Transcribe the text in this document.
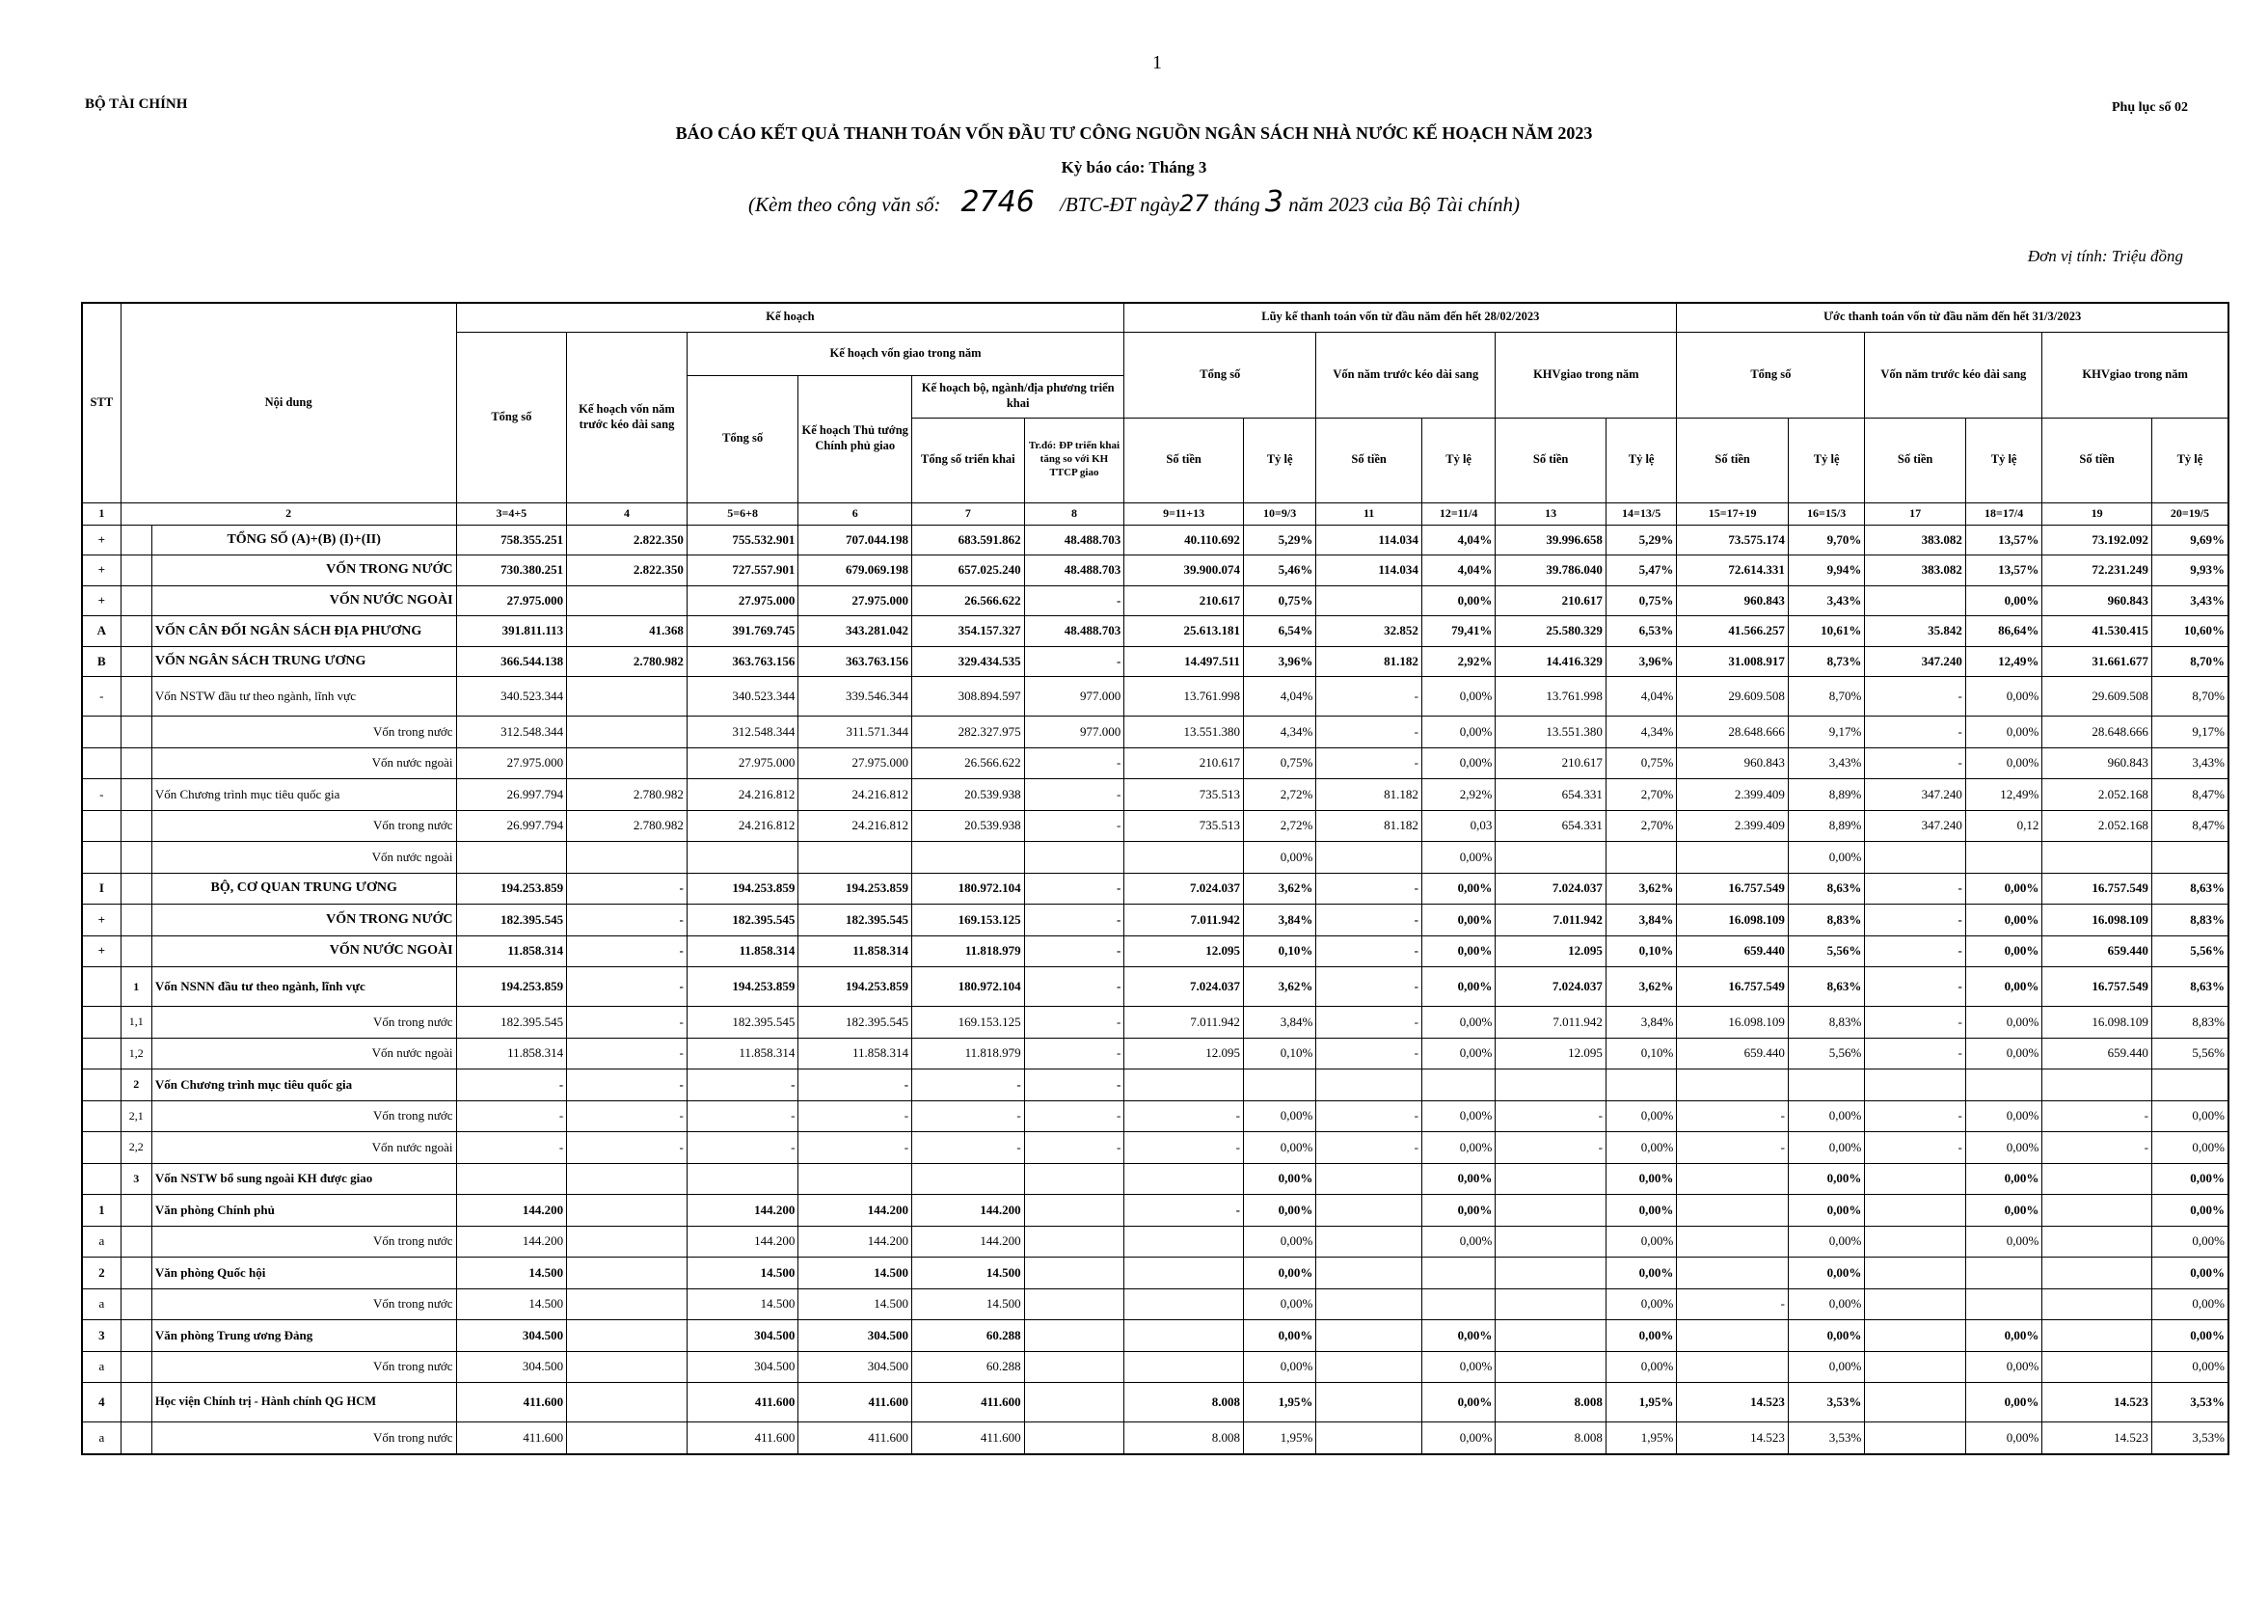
1
BỘ TÀI CHÍNH	Phụ lục số 02
BÁO CÁO KẾT QUẢ THANH TOÁN VỐN ĐẦU TƯ CÔNG NGUỒN NGÂN SÁCH NHÀ NƯỚC KẾ HOẠCH NĂM 2023
Kỳ báo cáo: Tháng 3
(Kèm theo công văn số: 2746 /BTC-ĐT ngày27 tháng 3 năm 2023 của Bộ Tài chính)
Đơn vị tính: Triệu đồng
STT	Nội dung		Kế hoạch						Lũy kế thanh toán vốn từ đầu năm đến hết 28/02/2023						Ước thanh toán vốn từ đầu năm đến hết 31/3/2023					
			Tổng số	Kế hoạch vốn năm trước kéo dài sang	Kế hoạch vốn giao trong năm				Tổng số		Vốn năm trước kéo dài sang		KHVgiao trong năm		Tổng số		Vốn năm trước kéo dài sang		KHVgiao trong năm	
					Tổng số	Kế hoạch Thủ tướng Chính phủ giao	Kế hoạch bộ, ngành/địa phương triển khai													
							Tổng số triển khai	Tr.đó: ĐP triển khai tăng so với KH TTCP giao	Số tiền	Tỷ lệ	Số tiền	Tỷ lệ	Số tiền	Tỷ lệ	Số tiền	Tỷ lệ	Số tiền	Tỷ lệ	Số tiền	Tỷ lệ
1	2		3=4+5	4	5=6+8	6	7	8	9=11+13	10=9/3	11	12=11/4	13	14=13/5	15=17+19	16=15/3	17	18=17/4	19	20=19/5
+		TỔNG SỐ (A)+(B) (I)+(II)	758.355.251	2.822.350	755.532.901	707.044.198	683.591.862	48.488.703	40.110.692	5,29%	114.034	4,04%	39.996.658	5,29%	73.575.174	9,70%	383.082	13,57%	73.192.092	9,69%
+		VỐN TRONG NƯỚC	730.380.251	2.822.350	727.557.901	679.069.198	657.025.240	48.488.703	39.900.074	5,46%	114.034	4,04%	39.786.040	5,47%	72.614.331	9,94%	383.082	13,57%	72.231.249	9,93%
+		VỐN NƯỚC NGOÀI	27.975.000		27.975.000	27.975.000	26.566.622	-	210.617	0,75%		0,00%	210.617	0,75%	960.843	3,43%		0,00%	960.843	3,43%
A		VỐN CÂN ĐỐI NGÂN SÁCH ĐỊA PHƯƠNG	391.811.113	41.368	391.769.745	343.281.042	354.157.327	48.488.703	25.613.181	6,54%	32.852	79,41%	25.580.329	6,53%	41.566.257	10,61%	35.842	86,64%	41.530.415	10,60%
B		VỐN NGÂN SÁCH TRUNG ƯƠNG	366.544.138	2.780.982	363.763.156	363.763.156	329.434.535	-	14.497.511	3,96%	81.182	2,92%	14.416.329	3,96%	31.008.917	8,73%	347.240	12,49%	31.661.677	8,70%
-		Vốn NSTW đầu tư theo ngành, lĩnh vực	340.523.344		340.523.344	339.546.344	308.894.597	977.000	13.761.998	4,04%	-	0,00%	13.761.998	4,04%	29.609.508	8,70%	-	0,00%	29.609.508	8,70%
		Vốn trong nước	312.548.344		312.548.344	311.571.344	282.327.975	977.000	13.551.380	4,34%	-	0,00%	13.551.380	4,34%	28.648.666	9,17%	-	0,00%	28.648.666	9,17%
		Vốn nước ngoài	27.975.000		27.975.000	27.975.000	26.566.622	-	210.617	0,75%	-	0,00%	210.617	0,75%	960.843	3,43%	-	0,00%	960.843	3,43%
-		Vốn Chương trình mục tiêu quốc gia	26.997.794	2.780.982	24.216.812	24.216.812	20.539.938	-	735.513	2,72%	81.182	2,92%	654.331	2,70%	2.399.409	8,89%	347.240	12,49%	2.052.168	8,47%
		Vốn trong nước	26.997.794	2.780.982	24.216.812	24.216.812	20.539.938	-	735.513	2,72%	81.182	0,03	654.331	2,70%	2.399.409	8,89%	347.240	0,12	2.052.168	8,47%
		Vốn nước ngoài								0,00%		0,00%				0,00%				
I		BỘ, CƠ QUAN TRUNG ƯƠNG	194.253.859	-	194.253.859	194.253.859	180.972.104	-	7.024.037	3,62%	-	0,00%	7.024.037	3,62%	16.757.549	8,63%	-	0,00%	16.757.549	8,63%
+		VỐN TRONG NƯỚC	182.395.545	-	182.395.545	182.395.545	169.153.125	-	7.011.942	3,84%	-	0,00%	7.011.942	3,84%	16.098.109	8,83%	-	0,00%	16.098.109	8,83%
+		VỐN NƯỚC NGOÀI	11.858.314	-	11.858.314	11.858.314	11.818.979	-	12.095	0,10%	-	0,00%	12.095	0,10%	659.440	5,56%	-	0,00%	659.440	5,56%
	1	Vốn NSNN đầu tư theo ngành, lĩnh vực	194.253.859	-	194.253.859	194.253.859	180.972.104	-	7.024.037	3,62%	-	0,00%	7.024.037	3,62%	16.757.549	8,63%	-	0,00%	16.757.549	8,63%
	1,1	Vốn trong nước	182.395.545	-	182.395.545	182.395.545	169.153.125	-	7.011.942	3,84%	-	0,00%	7.011.942	3,84%	16.098.109	8,83%	-	0,00%	16.098.109	8,83%
	1,2	Vốn nước ngoài	11.858.314	-	11.858.314	11.858.314	11.818.979	-	12.095	0,10%	-	0,00%	12.095	0,10%	659.440	5,56%	-	0,00%	659.440	5,56%
	2	Vốn Chương trình mục tiêu quốc gia	-	-	-	-	-	-												
	2,1	Vốn trong nước	-	-	-	-	-	-	-	0,00%	-	0,00%	-	0,00%	-	0,00%	-	0,00%	-	0,00%
	2,2	Vốn nước ngoài	-	-	-	-	-	-	-	0,00%	-	0,00%	-	0,00%	-	0,00%	-	0,00%	-	0,00%
	3	Vốn NSTW bổ sung ngoài KH được giao								0,00%		0,00%		0,00%		0,00%		0,00%		0,00%
1		Văn phòng Chính phủ	144.200		144.200	144.200	144.200		-	0,00%		0,00%		0,00%		0,00%		0,00%		0,00%
a		Vốn trong nước	144.200		144.200	144.200	144.200			0,00%		0,00%		0,00%		0,00%		0,00%		0,00%
2		Văn phòng Quốc hội	14.500		14.500	14.500	14.500			0,00%				0,00%		0,00%				0,00%
a		Vốn trong nước	14.500		14.500	14.500	14.500			0,00%				0,00%	-	0,00%				0,00%
3		Văn phòng Trung ương Đảng	304.500		304.500	304.500	60.288			0,00%		0,00%		0,00%		0,00%		0,00%		0,00%
a		Vốn trong nước	304.500		304.500	304.500	60.288			0,00%		0,00%		0,00%		0,00%		0,00%		0,00%
4		Học viện Chính trị - Hành chính QG HCM	411.600		411.600	411.600	411.600		8.008	1,95%		0,00%	8.008	1,95%	14.523	3,53%		0,00%	14.523	3,53%
a		Vốn trong nước	411.600		411.600	411.600	411.600		8.008	1,95%		0,00%	8.008	1,95%	14.523	3,53%		0,00%	14.523	3,53%
